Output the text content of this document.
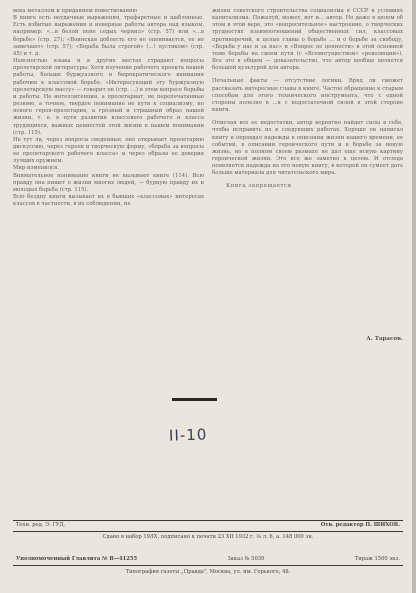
века металлом и приданием повествованию

В книге есть неудачные выражения, трафаретные и шаблонные. Есть избитые выражения и неверные работы автора над языком, например: «...в белой пене седых чернил» (стр. 57) или «...в борьбе» (стр. 27); «Воинская доблесть его не оценивается, ее не замечают» (стр. 57); «Борьба была строгой» (...) пустяком» (стр. 45) и т. д.

Неясностью языка и в других местах страдают вопросы пролетарской литературы. Хотя изучение рабочего проекта нашей работы, больше буржуазного и бюрократического внимания рабочим к классовой борьбе. «Интересующий эту буржуазную пролетарскую массу» — говорит он (стр. ...) в этом вопросе борьбы и работы. Не интеллигенция, а пролетариат, не перепечатанные резюме, а точное, твердое понимание не пути к социализму, но ясного героя-пролетария, а грозный и страшный образ нашей жизни, т. е. в пути развития классового рабочего и класса трудящихся, важных ценностей этой жизни в нашем понимании (стр. 115).

Не тут ли, через вопросы сведенные, оно открывает пролетарию дискуссию, через героев и творческую форму, «борьба за вопросы ее пролетарского рабочего класса» и через образы ее доверия лучших оружием.

Мир изменился.

Внимательное понимание книги не вызывает книге (114). Всю правду она пишет о жизни многих людей, — бурную правду их и молодых борьба (стр. 115).

Всю бездну книги вызывает их в бывших «классовых» интересах классов в частности, в их соблюдении, их

жизни советского строительства социализма в СССР в условиях капитализма. Пожалуй, может, вот и... автор. Но даже в целом об этом в этой вере, это «вопросительное» настроение, о творческих трудностях взаимоотношений общественных сил, классовых противоречий, и целые главы о борьбе ... и о борьбе за свободу, «Борьба у нас и за нас» и «Вопрос ее ценности» в этой основной теме борьбы на своем пути (с «Всемогуществом» «революции»). Все это в общем — доказательство, что автор вообще является большой культурой для автора.

Печальные факты — отсутствие логики. Вряд ли сможет рассказать интересные главы в книге. Частое обращение к старым способам для этого технического инструмента, что с одной стороны полезно в ...я с недостаточной силой в этой стороне книги.

Отмечая все ее недостатки, автор вероятно найдет силы в себе, чтобы исправить их в следующих работах. Хорошо он написал книгу и оправдал надежды в описании жизни нашего времени, ее событий, в описании героического пути и в борьбе за новую жизнь, но в полном своем размахе не дал еще ясную картину героической жизни. Это все же заметно в целом. И отсюда появляется надежда на его новую книгу, в которой он сумеет дать больше материала для читательского мира.

Книга запрещается

А. Тарасов.
II-10
Техн. ред. Э. ГУД.	Отв. редактор П. ШИХОВ.
Сдано в набор 19/IX, подписано к печати 23 XII 1932 г. ⅛ л. 6, а. 148 000 зн.
Уполномоченный Главлита № В—41255	Заказ № 5039	Тираж 1500 экз.
Типография газеты „Правда", Москва, ул. им. Горького, 48.
